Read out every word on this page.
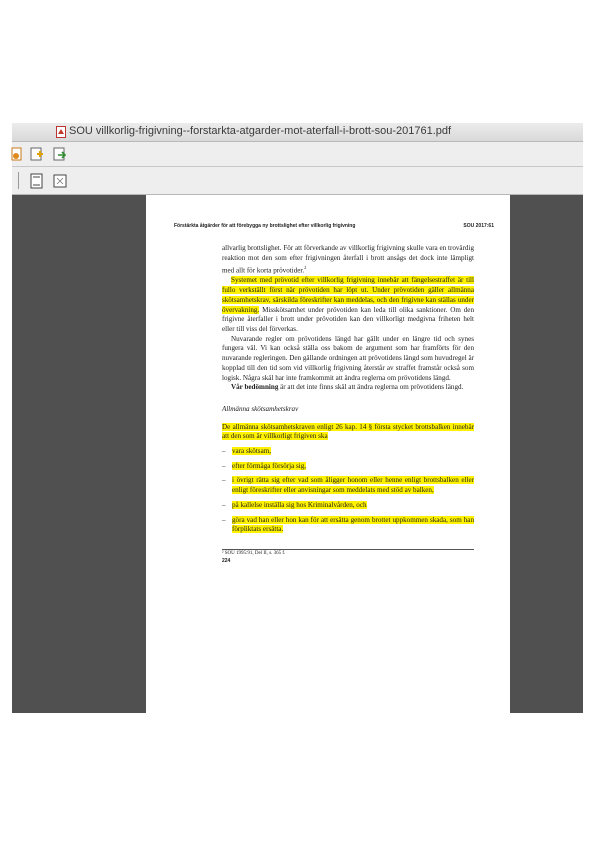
SOU villkorlig-frigivning--forstarkta-atgarder-mot-aterfall-i-brott-sou-201761.pdf
Förstärkta åtgärder för att förebygga ny brottslighet efter villkorlig frigivning	SOU 2017:61

allvarlig brottslighet. För att förverkande av villkorlig frigivning skulle vara en trovärdig reaktion mot den som efter frigivningen återfall i brott ansågs det dock inte lämpligt med allt för korta prövotider.$^2$

Systemet med prövotid efter villkorlig frigivning innebär att fängelsestraffet är till fullo verkställt först när prövotiden har löpt ut. Under prövotiden gäller allmänna skötsamhetskrav, särskilda föreskrifter kan meddelas, och den frigivne kan ställas under övervakning. Misskötsamhet under prövotiden kan leda till olika sanktioner. Om den frigivne återfaller i brott under prövotiden kan den villkorligt medgivna friheten helt eller till viss del förverkas.

Nuvarande regler om prövotidens längd har gällt under en längre tid och synes fungera väl. Vi kan också ställa oss bakom de argument som har framförts för den nuvarande regleringen. Den gällande ordningen att prövotidens längd som huvudregel är kopplad till den tid som vid villkorlig frigivning återstår av straffet framstår också som logisk. Några skäl har inte framkommit att ändra reglerna om prövotidens längd.

Vår bedömning är att det inte finns skäl att ändra reglerna om prövotidens längd.

Allmänna skötsamhetskrav

De allmänna skötsamhetskraven enligt 26 kap. 14 § första stycket brottsbalken innebär att den som är villkorligt frigiven ska

– vara skötsam,
– efter förmåga försörja sig,
– i övrigt rätta sig efter vad som åligger honom eller henne enligt brottsbalken eller enligt föreskrifter eller anvisningar som meddelats med stöd av balken,
– på kallelse inställa sig hos Kriminalvården, och
– göra vad han eller hon kan för att ersätta genom brottet uppkommen skada, som han förpliktats ersätta.

² SOU 1995:91, Del II, s. 365 f.

224
